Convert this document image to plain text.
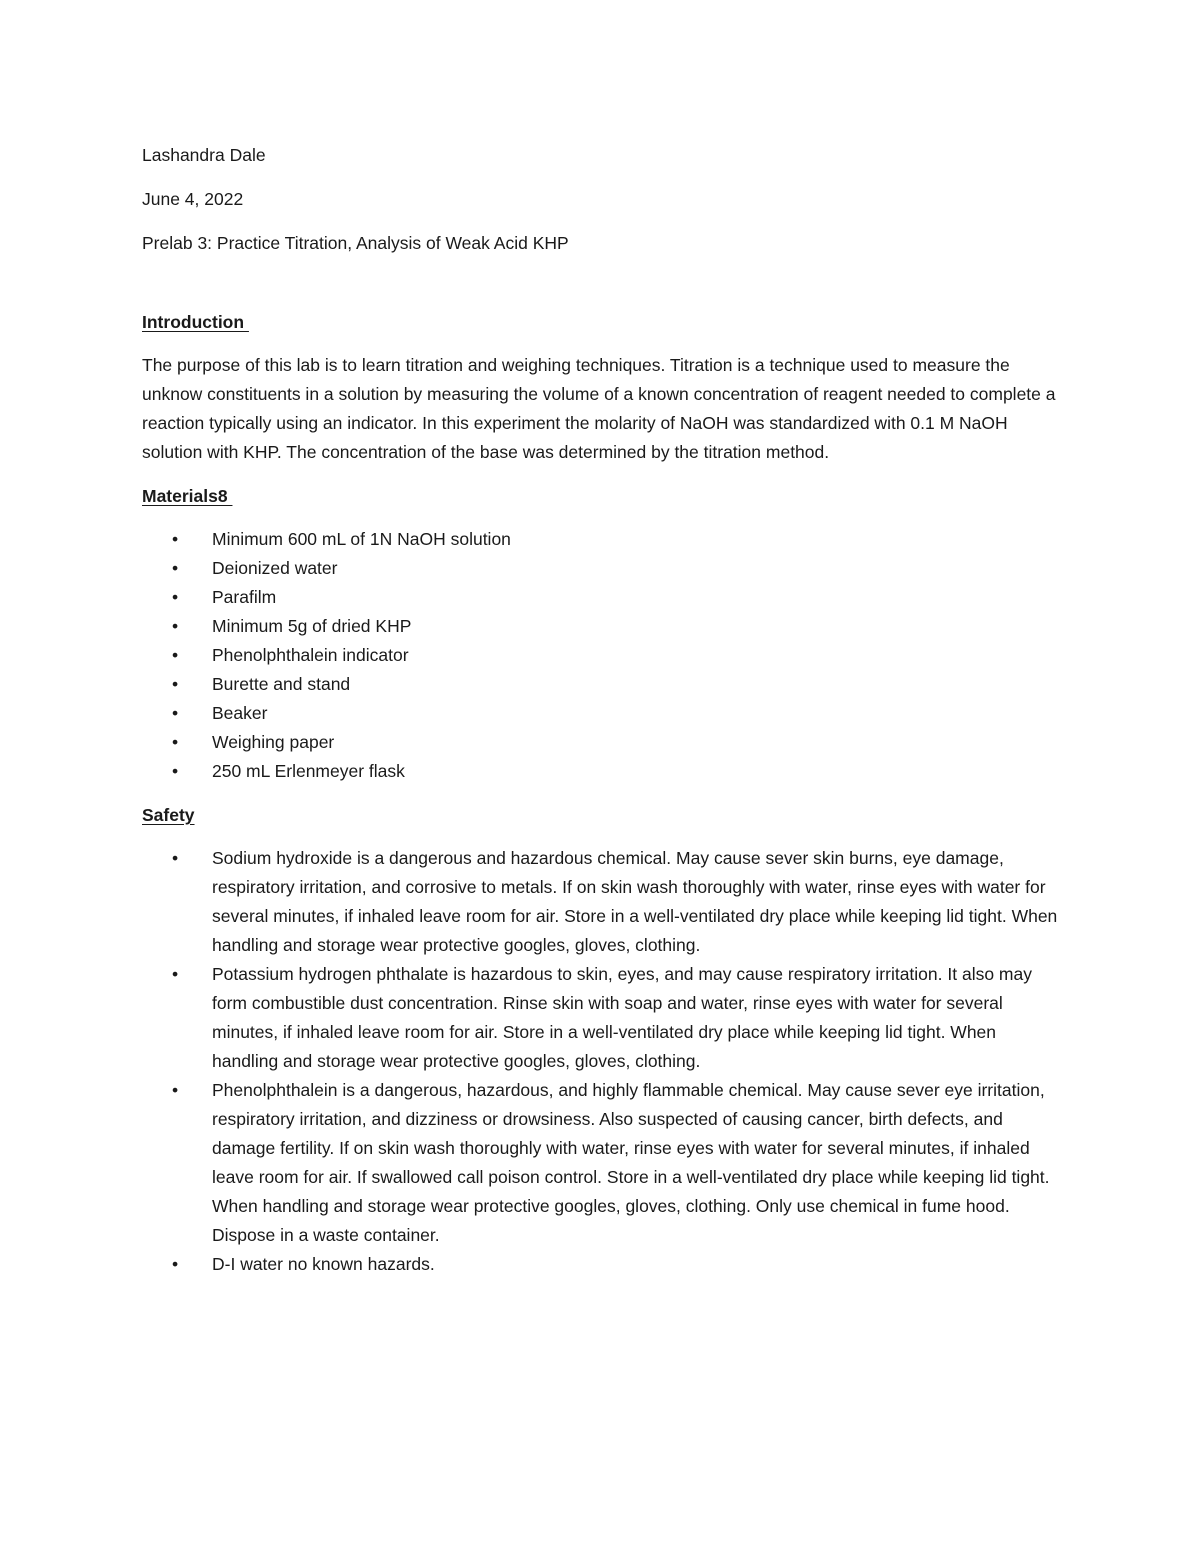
Lashandra Dale

June 4, 2022

Prelab 3: Practice Titration, Analysis of Weak Acid KHP

Introduction

The purpose of this lab is to learn titration and weighing techniques. Titration is a technique used to measure the unknow constituents in a solution by measuring the volume of a known concentration of reagent needed to complete a reaction typically using an indicator. In this experiment the molarity of NaOH was standardized with 0.1 M NaOH solution with KHP. The concentration of the base was determined by the titration method.

Materials8

• Minimum 600 mL of 1N NaOH solution
• Deionized water
• Parafilm
• Minimum 5g of dried KHP
• Phenolphthalein indicator
• Burette and stand
• Beaker
• Weighing paper
• 250 mL Erlenmeyer flask

Safety

• Sodium hydroxide is a dangerous and hazardous chemical. May cause sever skin burns, eye damage, respiratory irritation, and corrosive to metals. If on skin wash thoroughly with water, rinse eyes with water for several minutes, if inhaled leave room for air. Store in a well-ventilated dry place while keeping lid tight. When handling and storage wear protective googles, gloves, clothing.
• Potassium hydrogen phthalate is hazardous to skin, eyes, and may cause respiratory irritation. It also may form combustible dust concentration. Rinse skin with soap and water, rinse eyes with water for several minutes, if inhaled leave room for air. Store in a well-ventilated dry place while keeping lid tight. When handling and storage wear protective googles, gloves, clothing.
• Phenolphthalein is a dangerous, hazardous, and highly flammable chemical. May cause sever eye irritation, respiratory irritation, and dizziness or drowsiness. Also suspected of causing cancer, birth defects, and damage fertility. If on skin wash thoroughly with water, rinse eyes with water for several minutes, if inhaled leave room for air. If swallowed call poison control. Store in a well-ventilated dry place while keeping lid tight. When handling and storage wear protective googles, gloves, clothing. Only use chemical in fume hood. Dispose in a waste container.
• D-I water no known hazards.
